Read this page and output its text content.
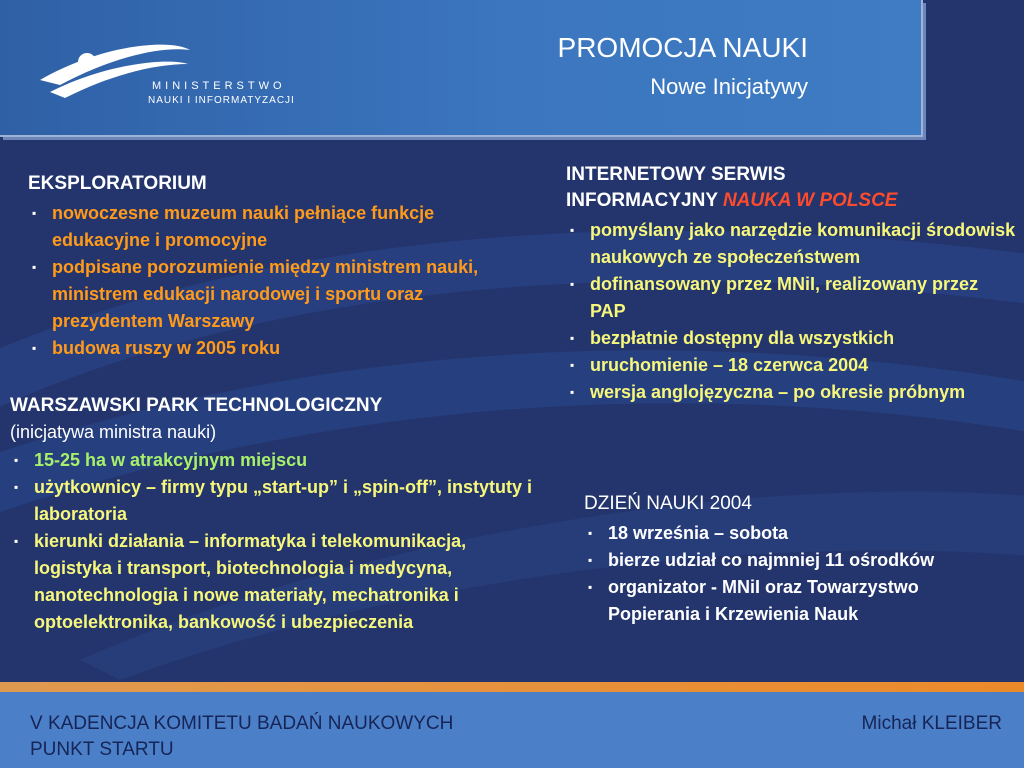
MINISTERSTWO
NAUKI I INFORMATYZACJI
PROMOCJA NAUKI
Nowe Inicjatywy
EKSPLORATORIUM
▪ nowoczesne muzeum nauki pełniące funkcje edukacyjne i promocyjne
▪ podpisane porozumienie między ministrem nauki, ministrem edukacji narodowej i sportu oraz prezydentem Warszawy
▪ budowa ruszy w 2005 roku
WARSZAWSKI PARK TECHNOLOGICZNY
(inicjatywa ministra nauki)
▪ 15-25 ha w atrakcyjnym miejscu
▪ użytkownicy – firmy typu „start-up” i „spin-off”, instytuty i laboratoria
▪ kierunki działania – informatyka i telekomunikacja, logistyka i transport, biotechnologia i medycyna, nanotechnologia i nowe materiały, mechatronika i optoelektronika, bankowość i ubezpieczenia
INTERNETOWY SERWIS
INFORMACYJNY NAUKA W POLSCE
▪ pomyślany jako narzędzie komunikacji środowisk naukowych ze społeczeństwem
▪ dofinansowany przez MNiI, realizowany przez PAP
▪ bezpłatnie dostępny dla wszystkich
▪ uruchomienie – 18 czerwca 2004
▪ wersja anglojęzyczna – po okresie próbnym
DZIEŃ NAUKI 2004
▪ 18 września – sobota
▪ bierze udział co najmniej 11 ośrodków
▪ organizator - MNiI oraz Towarzystwo Popierania i Krzewienia Nauk
V KADENCJA KOMITETU BADAŃ NAUKOWYCH
PUNKT STARTU
Michał KLEIBER
